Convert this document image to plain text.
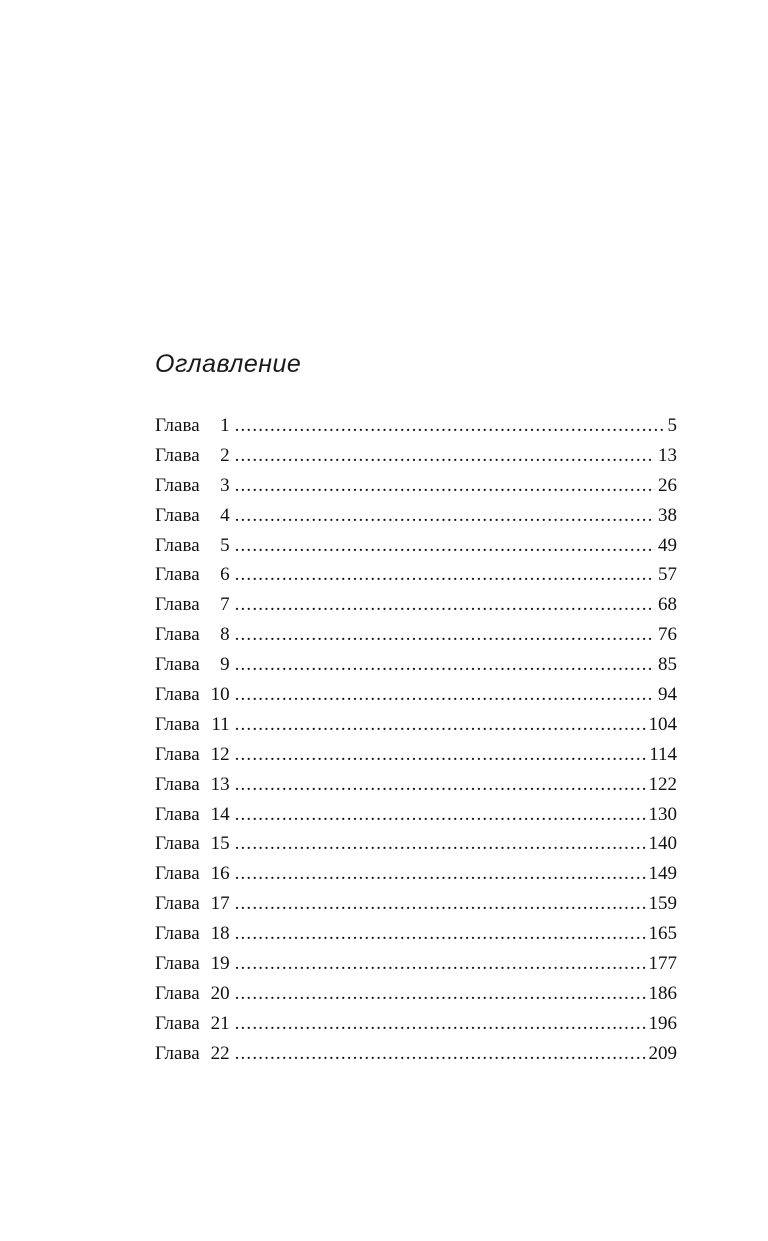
Оглавление
Глава	1 . . .	5
Глава	2 . . .	13
Глава	3 . . .	26
Глава	4 . . .	38
Глава	5 . . .	49
Глава	6 . . .	57
Глава	7 . . .	68
Глава	8 . . .	76
Глава	9 . . .	85
Глава 10 . . .	94
Глава 11 . . .	104
Глава 12 . . .	114
Глава 13 . . .	122
Глава 14 . . .	130
Глава 15 . . .	140
Глава 16 . . .	149
Глава 17 . . .	159
Глава 18 . . .	165
Глава 19 . . .	177
Глава 20 . . .	186
Глава 21 . . .	196
Глава 22 . . .	209
